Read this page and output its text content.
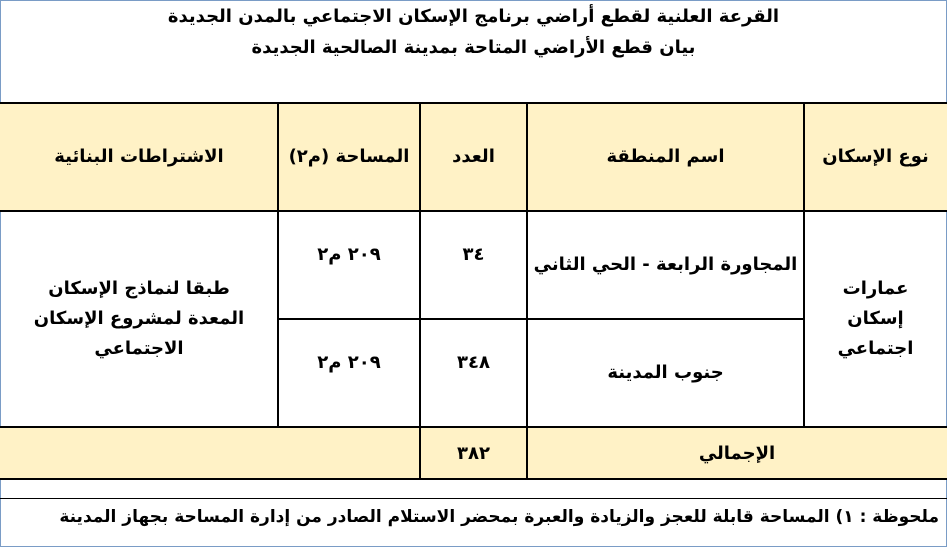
القرعة العلنية لقطع أراضي برنامج الإسكان الاجتماعي بالمدن الجديدة
بيان قطع الأراضي المتاحة بمدينة الصالحية الجديدة
نوع الإسكان
اسم المنطقة
العدد
المساحة (م٢)
الاشتراطات البنائية
عمارات إسكان اجتماعي
المجاورة الرابعة - الحي الثاني
٣٤
٢٠٩ م٢
جنوب المدينة
٣٤٨
٢٠٩ م٢
طبقا لنماذج الإسكان المعدة لمشروع الإسكان الاجتماعي
الإجمالي
٣٨٢
ملحوظة : ١) المساحة قابلة للعجز والزيادة والعبرة بمحضر الاستلام الصادر من إدارة المساحة بجهاز المدينة
